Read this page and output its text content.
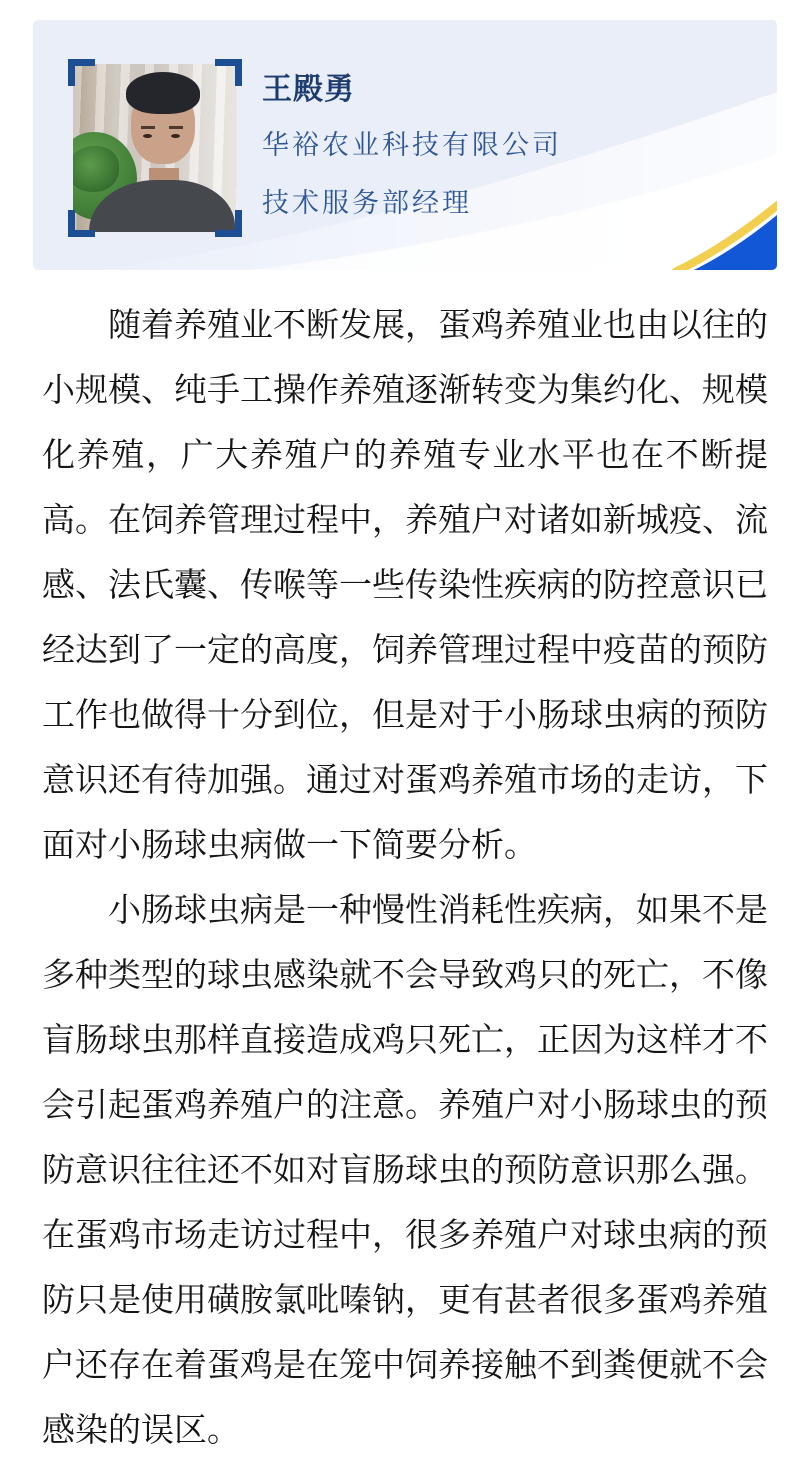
王殿勇
华裕农业科技有限公司
技术服务部经理

随着养殖业不断发展，蛋鸡养殖业也由以往的小规模、纯手工操作养殖逐渐转变为集约化、规模化养殖，广大养殖户的养殖专业水平也在不断提高。在饲养管理过程中，养殖户对诸如新城疫、流感、法氏囊、传喉等一些传染性疾病的防控意识已经达到了一定的高度，饲养管理过程中疫苗的预防工作也做得十分到位，但是对于小肠球虫病的预防意识还有待加强。通过对蛋鸡养殖市场的走访，下面对小肠球虫病做一下简要分析。

小肠球虫病是一种慢性消耗性疾病，如果不是多种类型的球虫感染就不会导致鸡只的死亡，不像盲肠球虫那样直接造成鸡只死亡，正因为这样才不会引起蛋鸡养殖户的注意。养殖户对小肠球虫的预防意识往往还不如对盲肠球虫的预防意识那么强。在蛋鸡市场走访过程中，很多养殖户对球虫病的预防只是使用磺胺氯吡嗪钠，更有甚者很多蛋鸡养殖户还存在着蛋鸡是在笼中饲养接触不到粪便就不会感染的误区。
